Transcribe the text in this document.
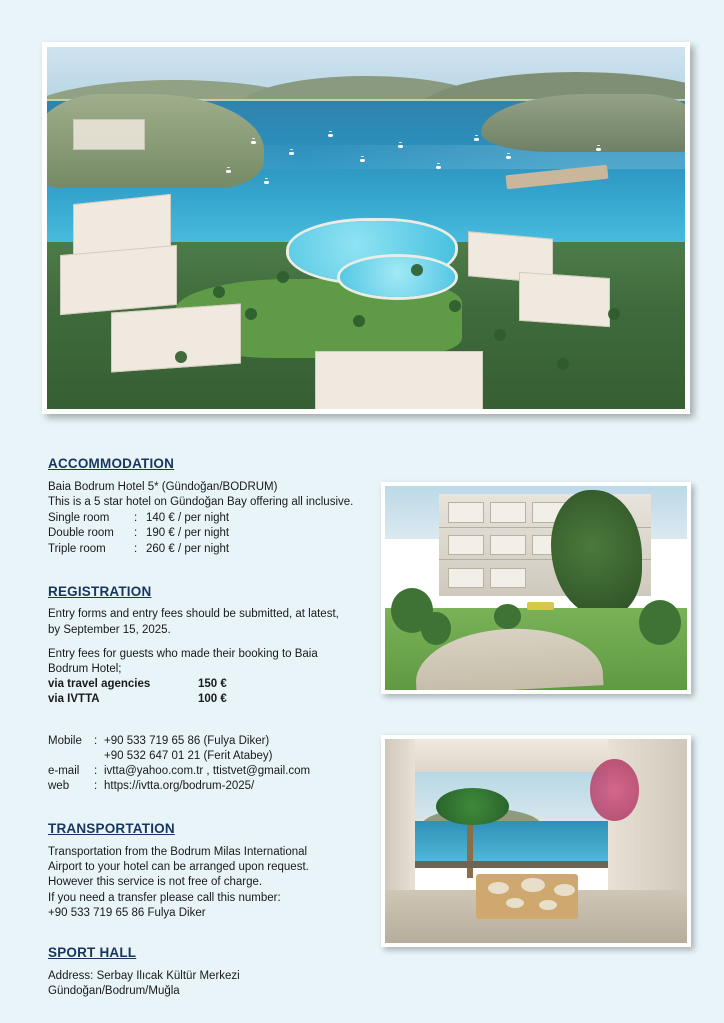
ACCOMMODATION
Baia Bodrum Hotel 5* (Gündoğan/BODRUM)
This is a 5 star hotel on Gündoğan Bay offering all inclusive.
Single room	: 140 € / per night
Double room	: 190 € / per night
Triple room	: 260 € / per night
REGISTRATION
Entry forms and entry fees should be submitted, at latest,
by September 15, 2025.
Entry fees for guests who made their booking to Baia
Bodrum Hotel;
via travel agencies	150 €
via IVTTA	100 €
Mobile	: +90 533 719 65 86 (Fulya Diker)
+90 532 647 01 21 (Ferit Atabey)
e-mail	: ivtta@yahoo.com.tr , ttistvet@gmail.com
web	: https://ivtta.org/bodrum-2025/
TRANSPORTATION
Transportation from the Bodrum Milas International
Airport to your hotel can be arranged upon request.
However this service is not free of charge.
If you need a transfer please call this number:
+90 533 719 65 86 Fulya Diker
SPORT HALL
Address: Serbay Ilıcak Kültür Merkezi
Gündoğan/Bodrum/Muğla
